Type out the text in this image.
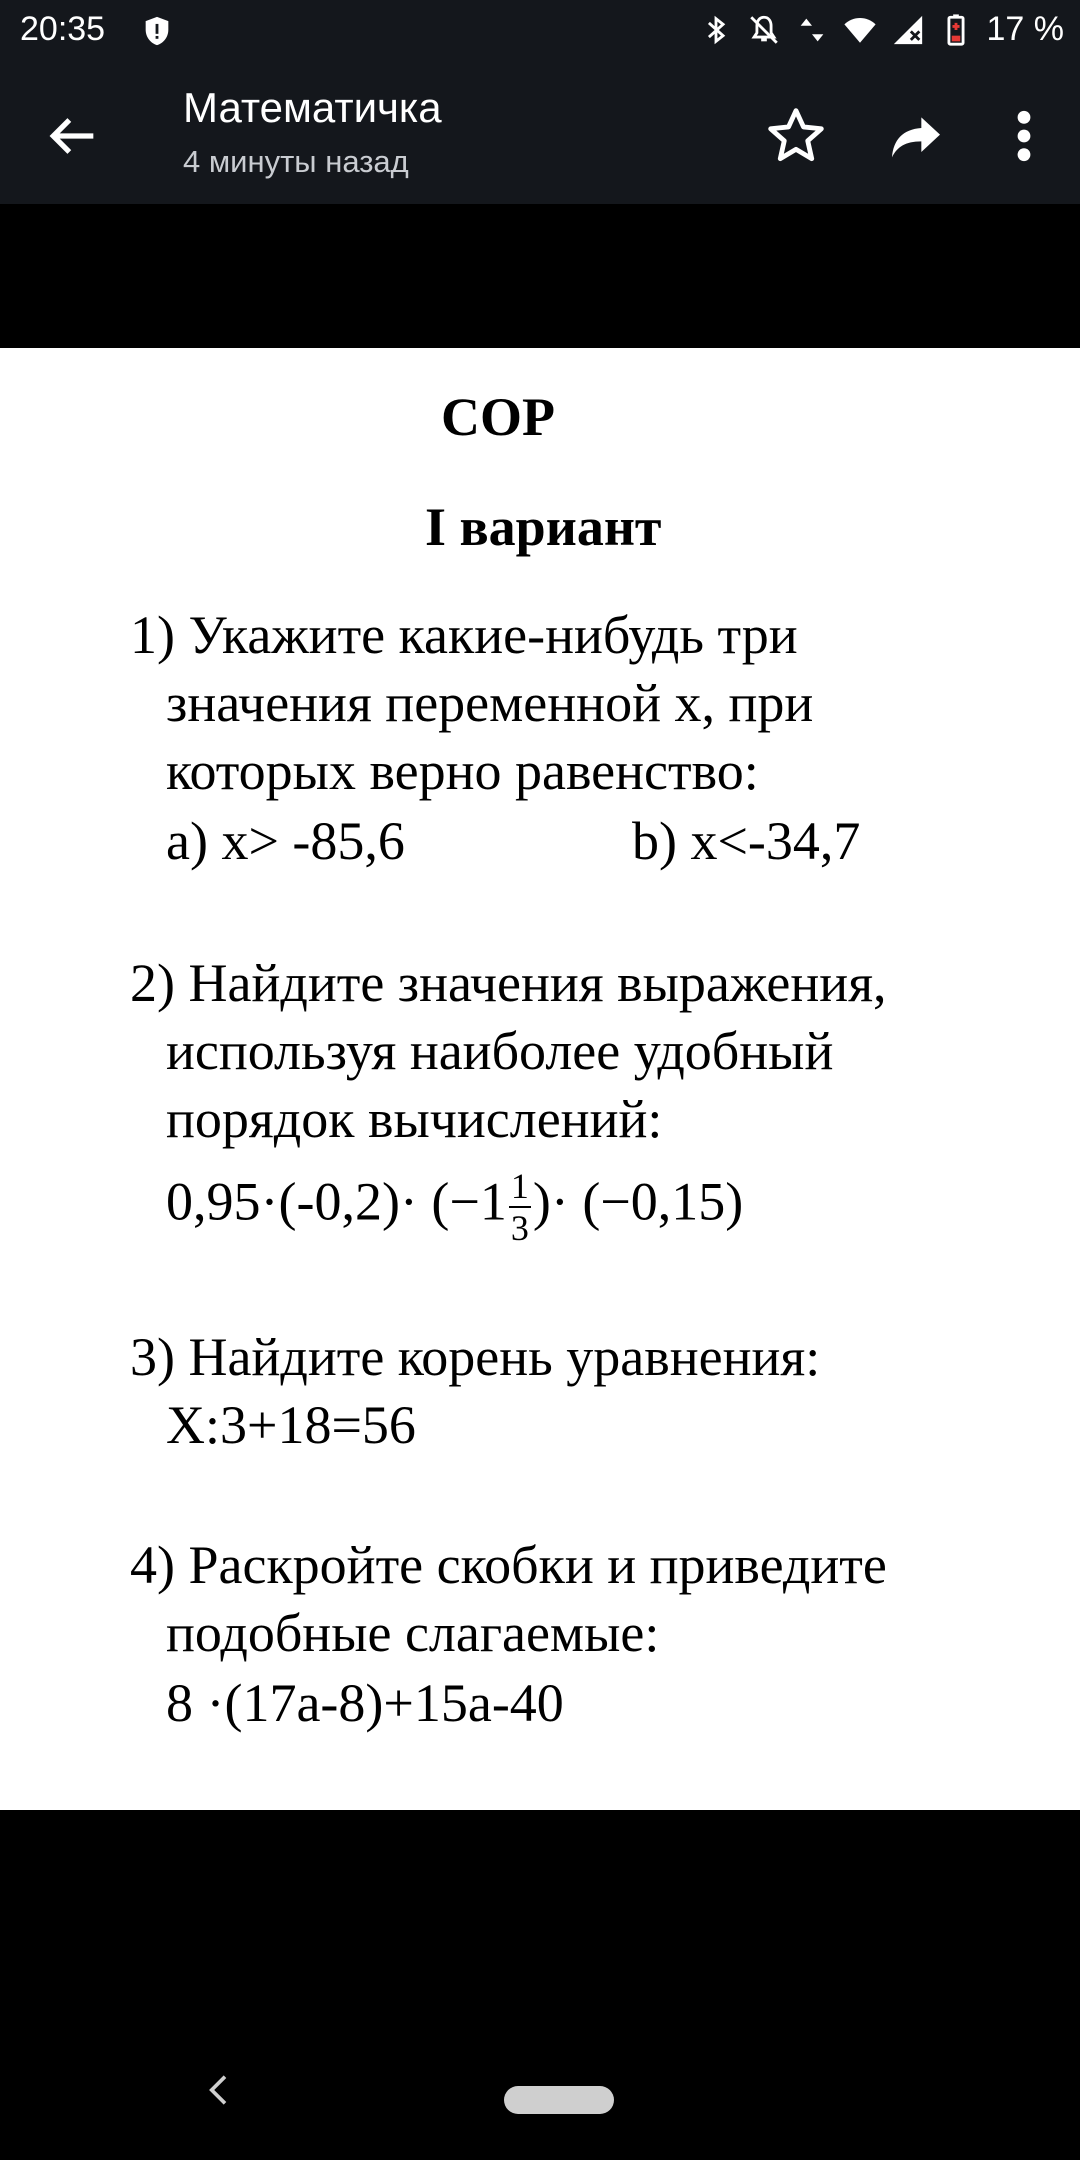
20:35	17 %
Математичка
4 минуты назад
СОР
I вариант
1) Укажите какие-нибудь три
значения переменной х, при
которых верно равенство:
а) х> -85,6	b) х<-34,7
2) Найдите значения выражения,
используя наиболее удобный
порядок вычислений:
$0,95\cdot(-0,2)\cdot (-1 \frac{1}{3}$ )· (−0,15)
3) Найдите корень уравнения:
Х:3+18=56
4) Раскройте скобки и приведите
подобные слагаемые:
8 ·(17а-8)+15а-40
